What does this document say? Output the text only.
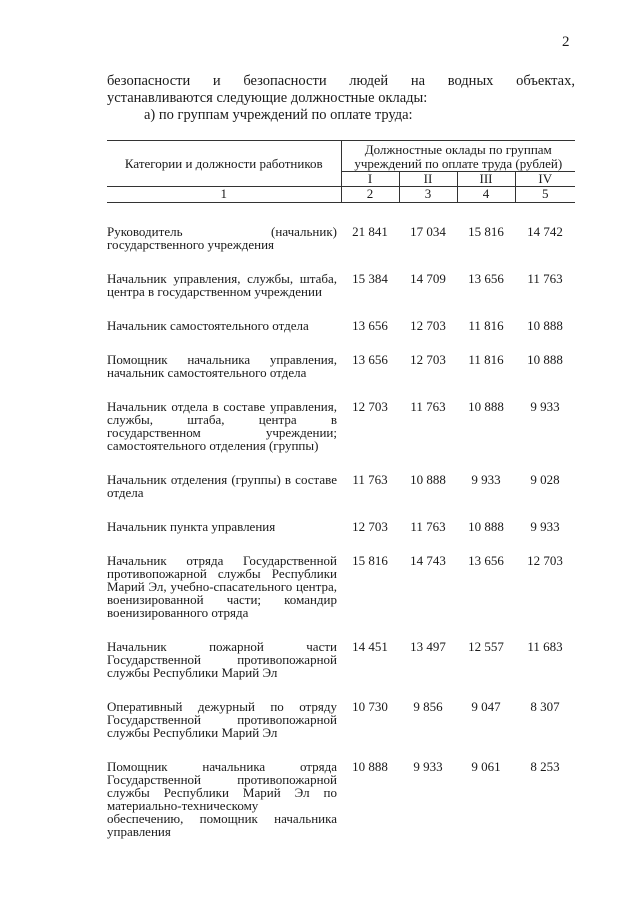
2
безопасности и безопасности людей на водных объектах,
устанавливаются следующие должностные оклады:
а) по группам учреждений по оплате труда:
Категории и должности работников	Должностные оклады по группам учреждений по оплате труда (рублей)			
	I	II	III	IV
1	2	3	4	5

Руководитель (начальник) государственного учреждения	21 841	17 034	15 816	14 742

Начальник управления, службы, штаба, центра в государственном учреждении	15 384	14 709	13 656	11 763

Начальник самостоятельного отдела	13 656	12 703	11 816	10 888

Помощник начальника управления, начальник самостоятельного отдела	13 656	12 703	11 816	10 888

Начальник отдела в составе управления, службы, штаба, центра в государственном учреждении; самостоятельного отделения (группы)	12 703	11 763	10 888	9 933

Начальник отделения (группы) в составе отдела	11 763	10 888	9 933	9 028

Начальник пункта управления	12 703	11 763	10 888	9 933

Начальник отряда Государственной противопожарной службы Республики Марий Эл, учебно-спасательного центра, военизированной части; командир военизированного отряда	15 816	14 743	13 656	12 703

Начальник пожарной части Государственной противопожарной службы Республики Марий Эл	14 451	13 497	12 557	11 683

Оперативный дежурный по отряду Государственной противопожарной службы Республики Марий Эл	10 730	9 856	9 047	8 307

Помощник начальника отряда Государственной противопожарной службы Республики Марий Эл по материально-техническому обеспечению, помощник начальника управления	10 888	9 933	9 061	8 253
